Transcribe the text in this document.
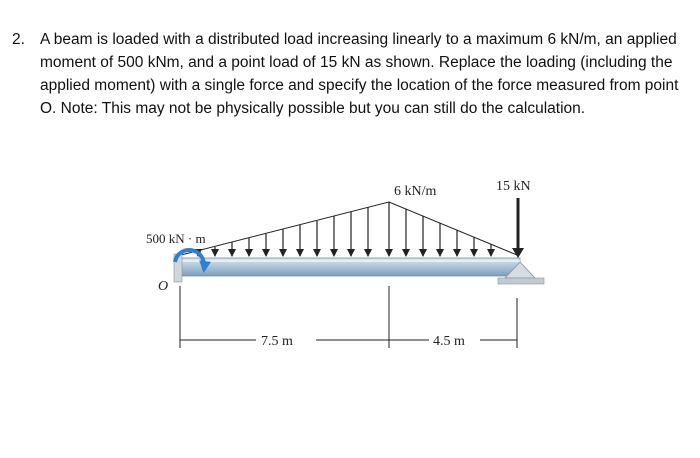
2. A beam is loaded with a distributed load increasing linearly to a maximum 6 kN/m, an applied moment of 500 kNm, and a point load of 15 kN as shown. Replace the loading (including the applied moment) with a single force and specify the location of the force measured from point O. Note: This may not be physically possible but you can still do the calculation.
6 kN/m	15 kN
500 kN · m
O
7.5 m	4.5 m
